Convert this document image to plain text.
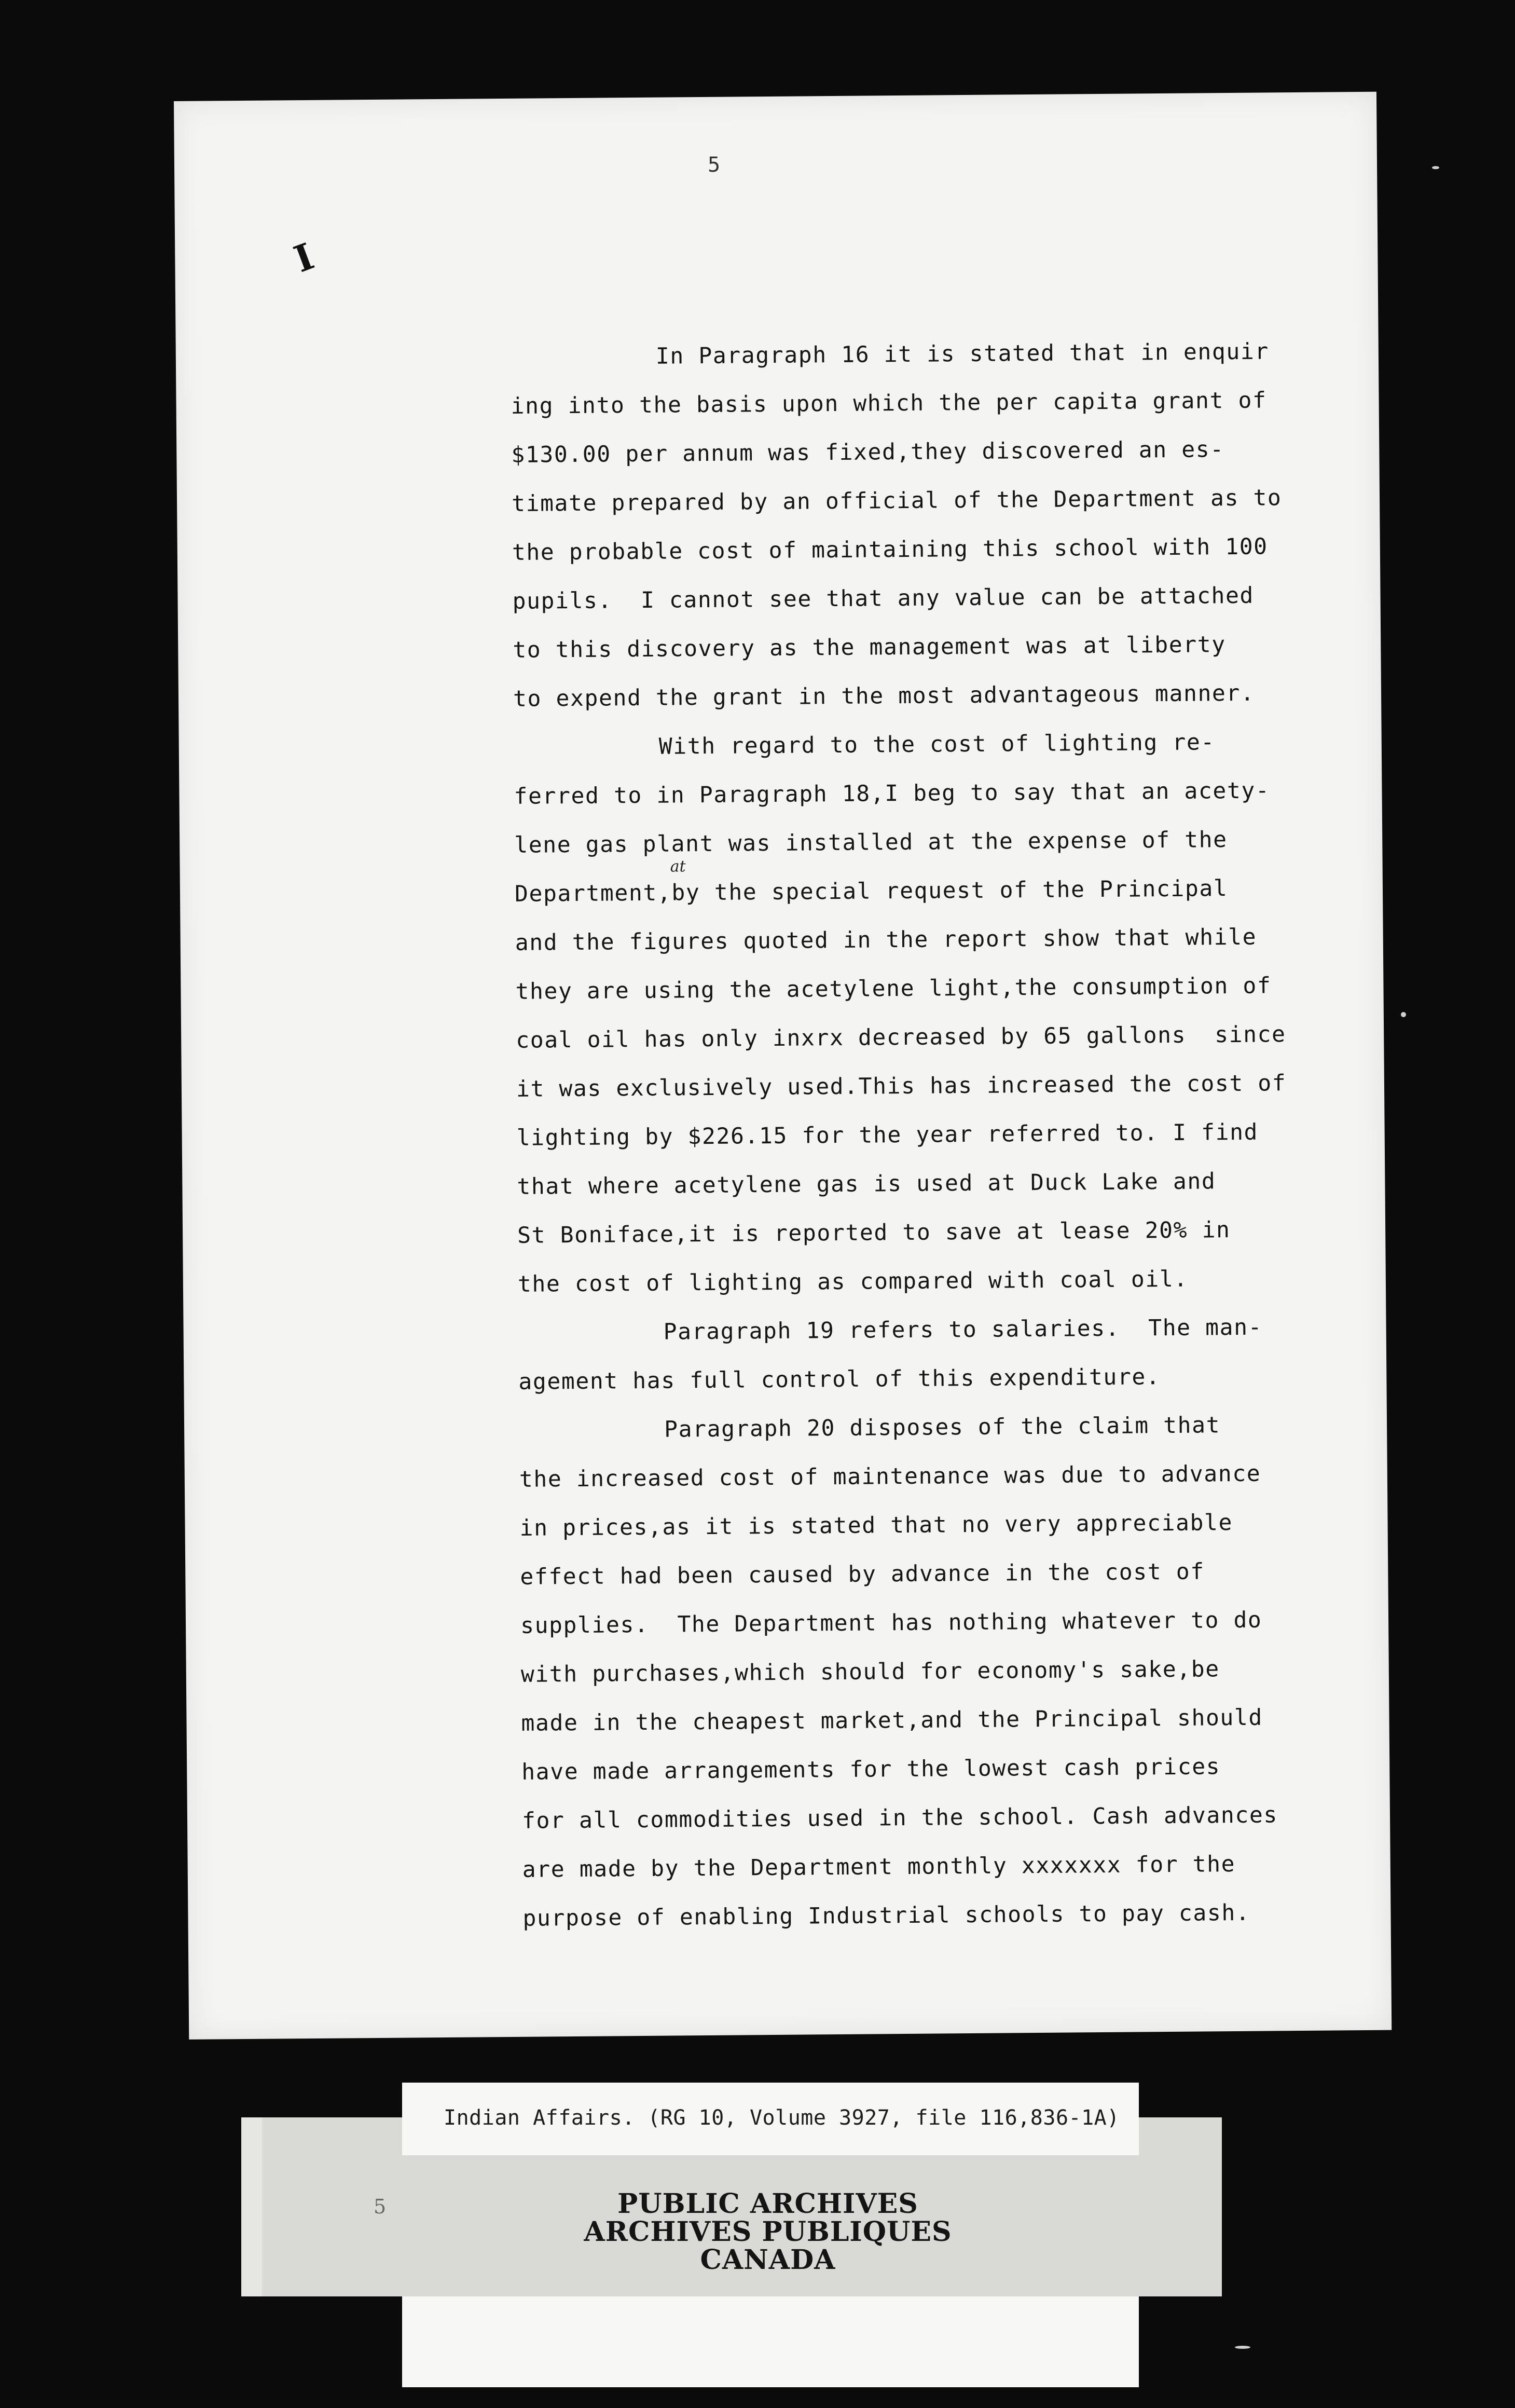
5
I
at
In Paragraph 16 it is stated that in enquir
ing into the basis upon which the per capita grant of
$130.00 per annum was fixed,they discovered an es-
timate prepared by an official of the Department as to
the probable cost of maintaining this school with 100
pupils.  I cannot see that any value can be attached
to this discovery as the management was at liberty
to expend the grant in the most advantageous manner.
With regard to the cost of lighting re-
ferred to in Paragraph 18,I beg to say that an acety-
lene gas plant was installed at the expense of the
Department,by the special request of the Principal
and the figures quoted in the report show that while
they are using the acetylene light,the consumption of
coal oil has only inxrx decreased by 65 gallons  since
it was exclusively used.This has increased the cost of
lighting by $226.15 for the year referred to. I find
that where acetylene gas is used at Duck Lake and
St Boniface,it is reported to save at lease 20% in
the cost of lighting as compared with coal oil.
Paragraph 19 refers to salaries.  The man-
agement has full control of this expenditure.
Paragraph 20 disposes of the claim that
the increased cost of maintenance was due to advance
in prices,as it is stated that no very appreciable
effect had been caused by advance in the cost of
supplies.  The Department has nothing whatever to do
with purchases,which should for economy's sake,be
made in the cheapest market,and the Principal should
have made arrangements for the lowest cash prices
for all commodities used in the school. Cash advances
are made by the Department monthly xxxxxxx for the
purpose of enabling Industrial schools to pay cash.
5
Indian Affairs. (RG 10, Volume 3927, file 116,836-1A)
PUBLIC ARCHIVES
ARCHIVES PUBLIQUES
CANADA
